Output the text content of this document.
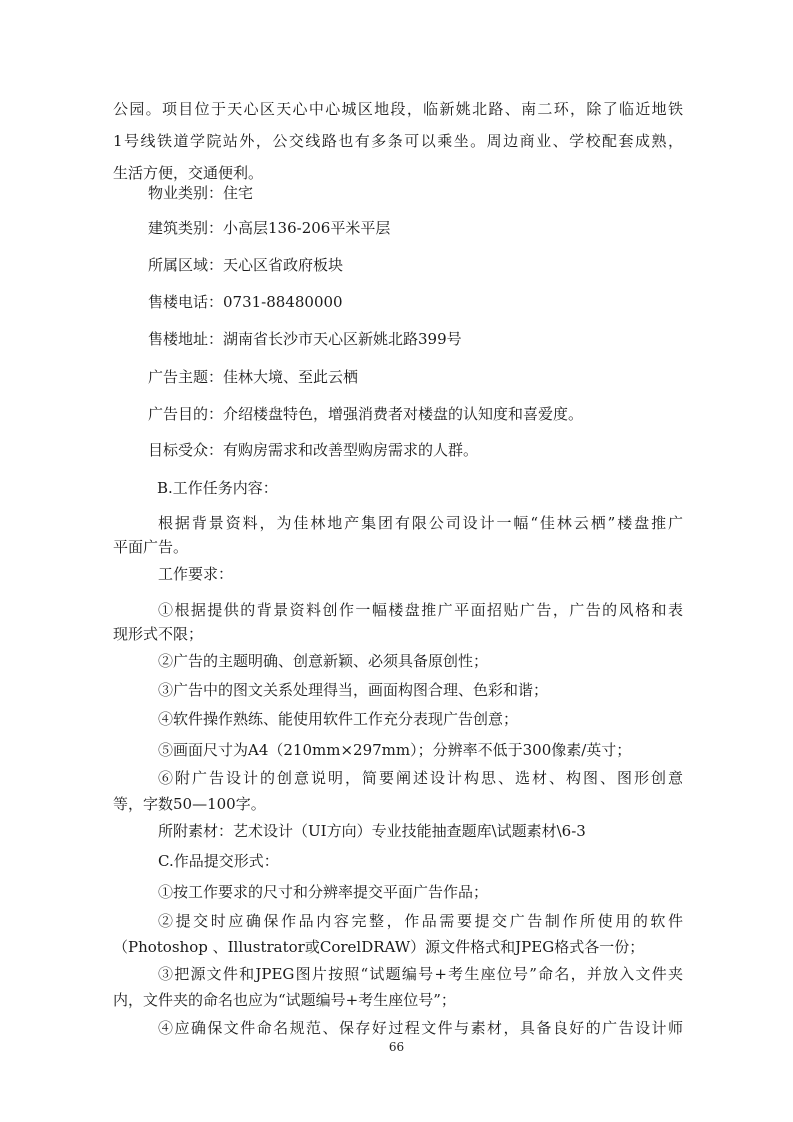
公园。项目位于天心区天心中心城区地段，临新姚北路、南二环，除了临近地铁
1号线铁道学院站外，公交线路也有多条可以乘坐。周边商业、学校配套成熟，
生活方便，交通便利。
物业类别：住宅
建筑类别：小高层136-206平米平层
所属区域：天心区省政府板块
售楼电话：0731-88480000
售楼地址：湖南省长沙市天心区新姚北路399号
广告主题：佳林大境、至此云栖
广告目的：介绍楼盘特色，增强消费者对楼盘的认知度和喜爱度。
目标受众：有购房需求和改善型购房需求的人群。
B.工作任务内容：
根据背景资料，为佳林地产集团有限公司设计一幅“佳林云栖”楼盘推广
平面广告。
工作要求：
①根据提供的背景资料创作一幅楼盘推广平面招贴广告，广告的风格和表
现形式不限；
②广告的主题明确、创意新颖、必须具备原创性；
③广告中的图文关系处理得当，画面构图合理、色彩和谐；
④软件操作熟练、能使用软件工作充分表现广告创意；
⑤画面尺寸为A4（210mm×297mm）；分辨率不低于300像素/英寸；
⑥附广告设计的创意说明，简要阐述设计构思、选材、构图、图形创意
等，字数50—100字。
所附素材：艺术设计（UI方向）专业技能抽查题库\试题素材\6-3
C.作品提交形式：
①按工作要求的尺寸和分辨率提交平面广告作品；
②提交时应确保作品内容完整，作品需要提交广告制作所使用的软件
（Photoshop 、Illustrator或CorelDRAW）源文件格式和JPEG格式各一份；
③把源文件和JPEG图片按照“试题编号+考生座位号”命名，并放入文件夹
内，文件夹的命名也应为“试题编号+考生座位号”；
④应确保文件命名规范、保存好过程文件与素材，具备良好的广告设计师
66
